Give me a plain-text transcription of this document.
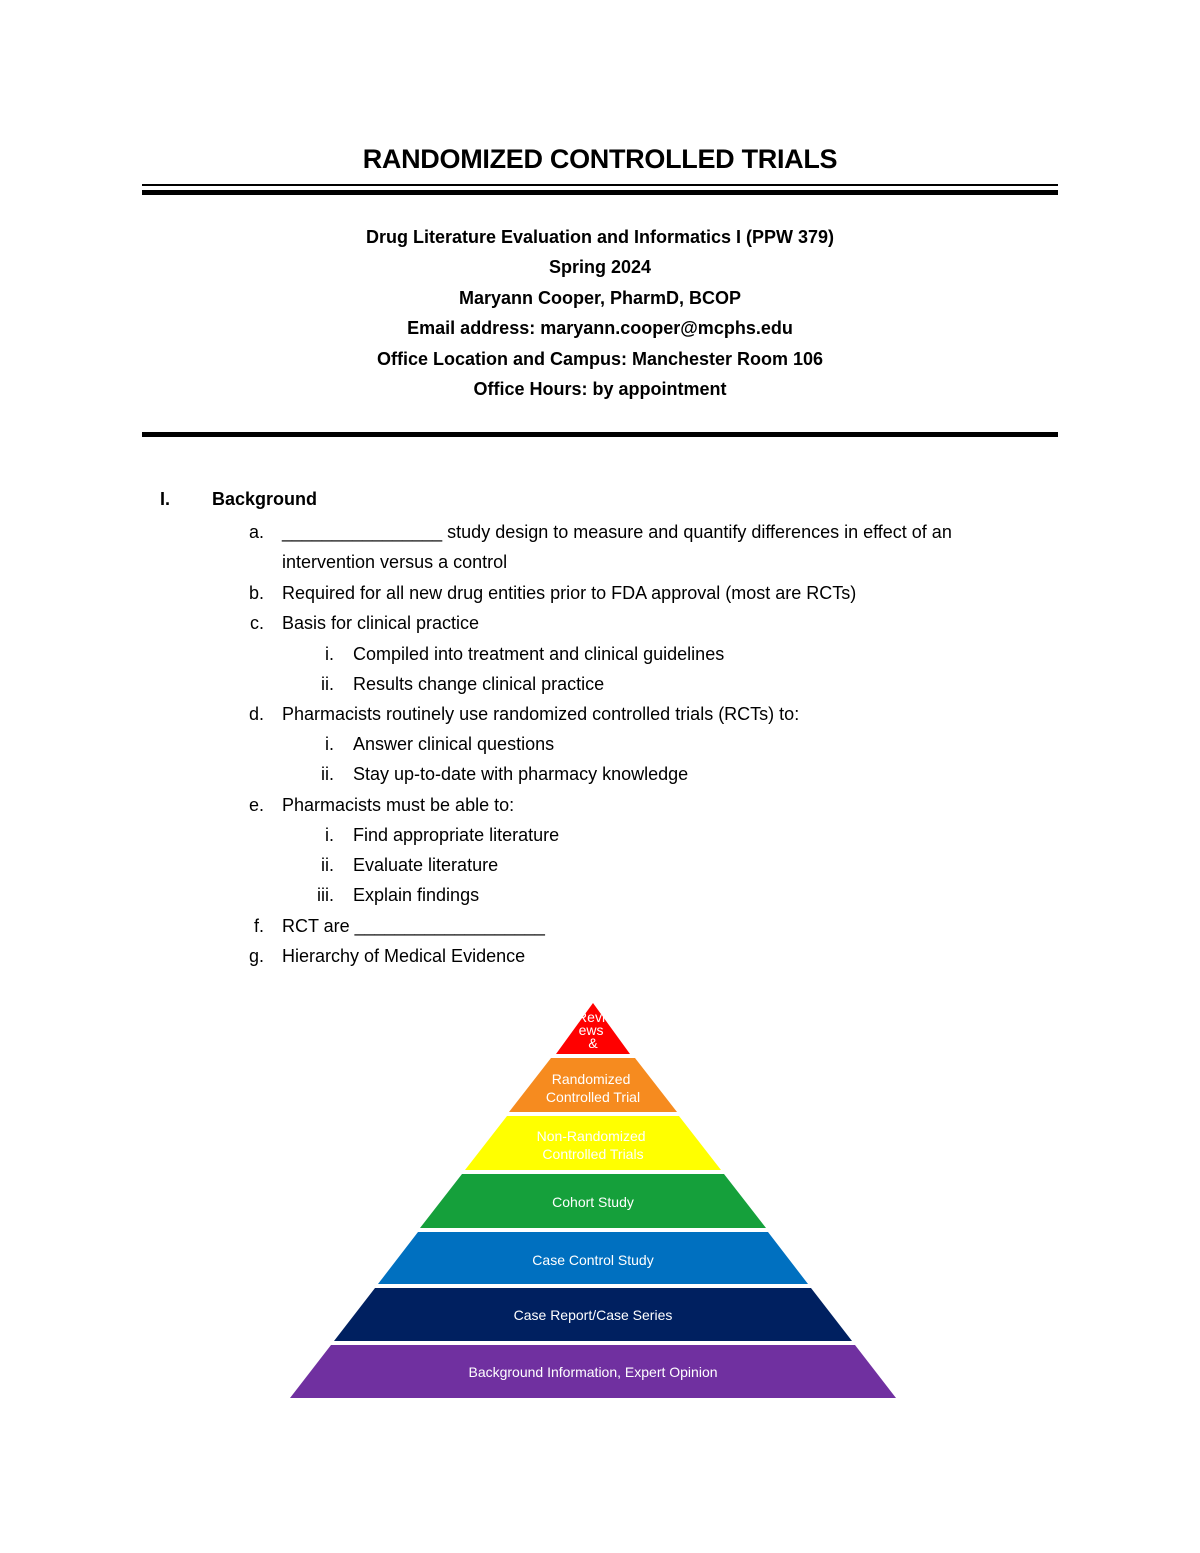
RANDOMIZED CONTROLLED TRIALS
Drug Literature Evaluation and Informatics I (PPW 379)
Spring 2024
Maryann Cooper, PharmD, BCOP
Email address: maryann.cooper@mcphs.edu
Office Location and Campus: Manchester Room 106
Office Hours: by appointment
I.	Background
a. ________________ study design to measure and quantify differences in effect of an
intervention versus a control
b. Required for all new drug entities prior to FDA approval (most are RCTs)
c. Basis for clinical practice
i. Compiled into treatment and clinical guidelines
ii. Results change clinical practice
d. Pharmacists routinely use randomized controlled trials (RCTs) to:
i. Answer clinical questions
ii. Stay up-to-date with pharmacy knowledge
e. Pharmacists must be able to:
i. Find appropriate literature
ii. Evaluate literature
iii. Explain findings
f. RCT are ___________________
g. Hierarchy of Medical Evidence
Revi ews &
Randomized Controlled Trial
Non-Randomized Controlled Trials
Cohort Study
Case Control Study
Case Report/Case Series
Background Information, Expert Opinion
